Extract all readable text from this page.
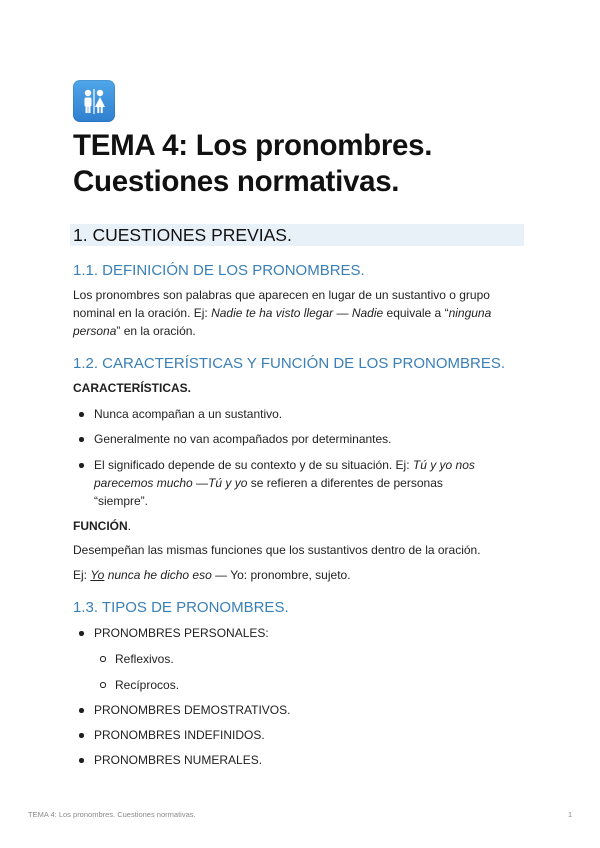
TEMA 4: Los pronombres.
Cuestiones normativas.
1. CUESTIONES PREVIAS.
1.1. DEFINICIÓN DE LOS PRONOMBRES.

Los pronombres son palabras que aparecen en lugar de un sustantivo o grupo

nominal en la oración. Ej: Nadie te ha visto llegar — Nadie equivale a “ninguna

persona” en la oración.

1.2. CARACTERÍSTICAS Y FUNCIÓN DE LOS PRONOMBRES.

CARACTERÍSTICAS.

Nunca acompañan a un sustantivo.

Generalmente no van acompañados por determinantes.

El significado depende de su contexto y de su situación. Ej: Tú y yo nos
parecemos mucho —Tú y yo se refieren a diferentes de personas
“siempre”.

FUNCIÓN.

Desempeñan las mismas funciones que los sustantivos dentro de la oración.

Ej: Yo nunca he dicho eso — Yo: pronombre, sujeto.

1.3. TIPOS DE PRONOMBRES.

PRONOMBRES PERSONALES:

Reflexivos.

Recíprocos.

PRONOMBRES DEMOSTRATIVOS.

PRONOMBRES INDEFINIDOS.

PRONOMBRES NUMERALES.

TEMA 4: Los pronombres. Cuestiones normativas.	1
